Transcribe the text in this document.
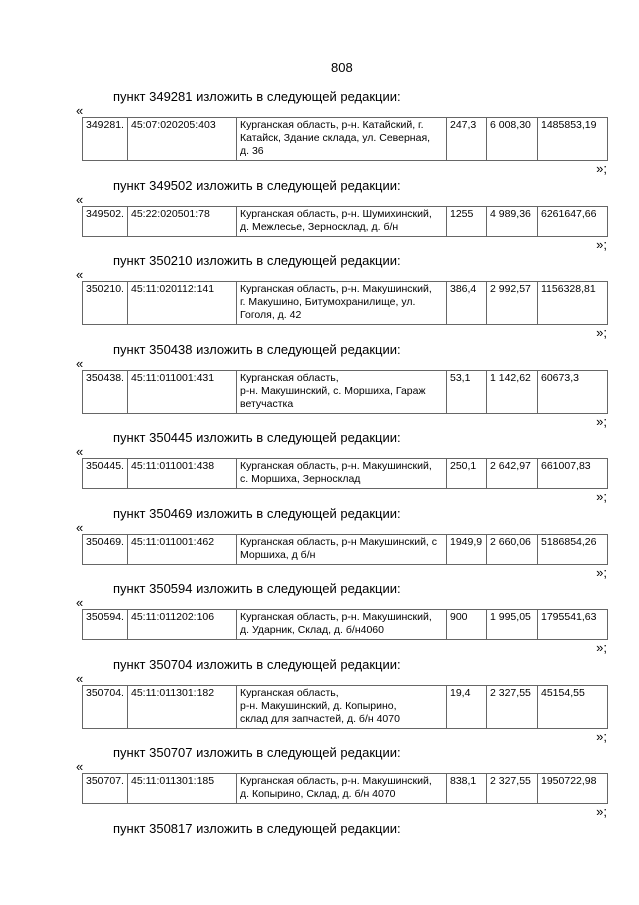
808
пункт 349281 изложить в следующей редакции:
«
349281.	45:07:020205:403	Курганская область, р-н. Катайский, г.
Катайск, Здание склада, ул. Северная,
д. 36	247,3	6 008,30	1485853,19
»;
пункт 349502 изложить в следующей редакции:
«
349502.	45:22:020501:78	Курганская область, р-н. Шумихинский,
д. Межлесье, Зерносклад, д. б/н	1255	4 989,36	6261647,66
»;
пункт 350210 изложить в следующей редакции:
«
350210.	45:11:020112:141	Курганская область, р-н. Макушинский,
г. Макушино, Битумохранилище, ул.
Гоголя, д. 42	386,4	2 992,57	1156328,81
»;
пункт 350438 изложить в следующей редакции:
«
350438.	45:11:011001:431	Курганская область,
р-н. Макушинский, с. Моршиха, Гараж
ветучастка	53,1	1 142,62	60673,3
»;
пункт 350445 изложить в следующей редакции:
«
350445.	45:11:011001:438	Курганская область, р-н. Макушинский,
с. Моршиха, Зерносклад	250,1	2 642,97	661007,83
»;
пункт 350469 изложить в следующей редакции:
«
350469.	45:11:011001:462	Курганская область, р-н Макушинский, с
Моршиха, д б/н	1949,9	2 660,06	5186854,26
»;
пункт 350594 изложить в следующей редакции:
«
350594.	45:11:011202:106	Курганская область, р-н. Макушинский,
д. Ударник, Склад, д. б/н4060	900	1 995,05	1795541,63
»;
пункт 350704 изложить в следующей редакции:
«
350704.	45:11:011301:182	Курганская область,
р-н. Макушинский, д. Копырино,
склад для запчастей, д. б/н 4070	19,4	2 327,55	45154,55
»;
пункт 350707 изложить в следующей редакции:
«
350707.	45:11:011301:185	Курганская область, р-н. Макушинский,
д. Копырино, Склад, д. б/н 4070	838,1	2 327,55	1950722,98
»;
пункт 350817 изложить в следующей редакции:
